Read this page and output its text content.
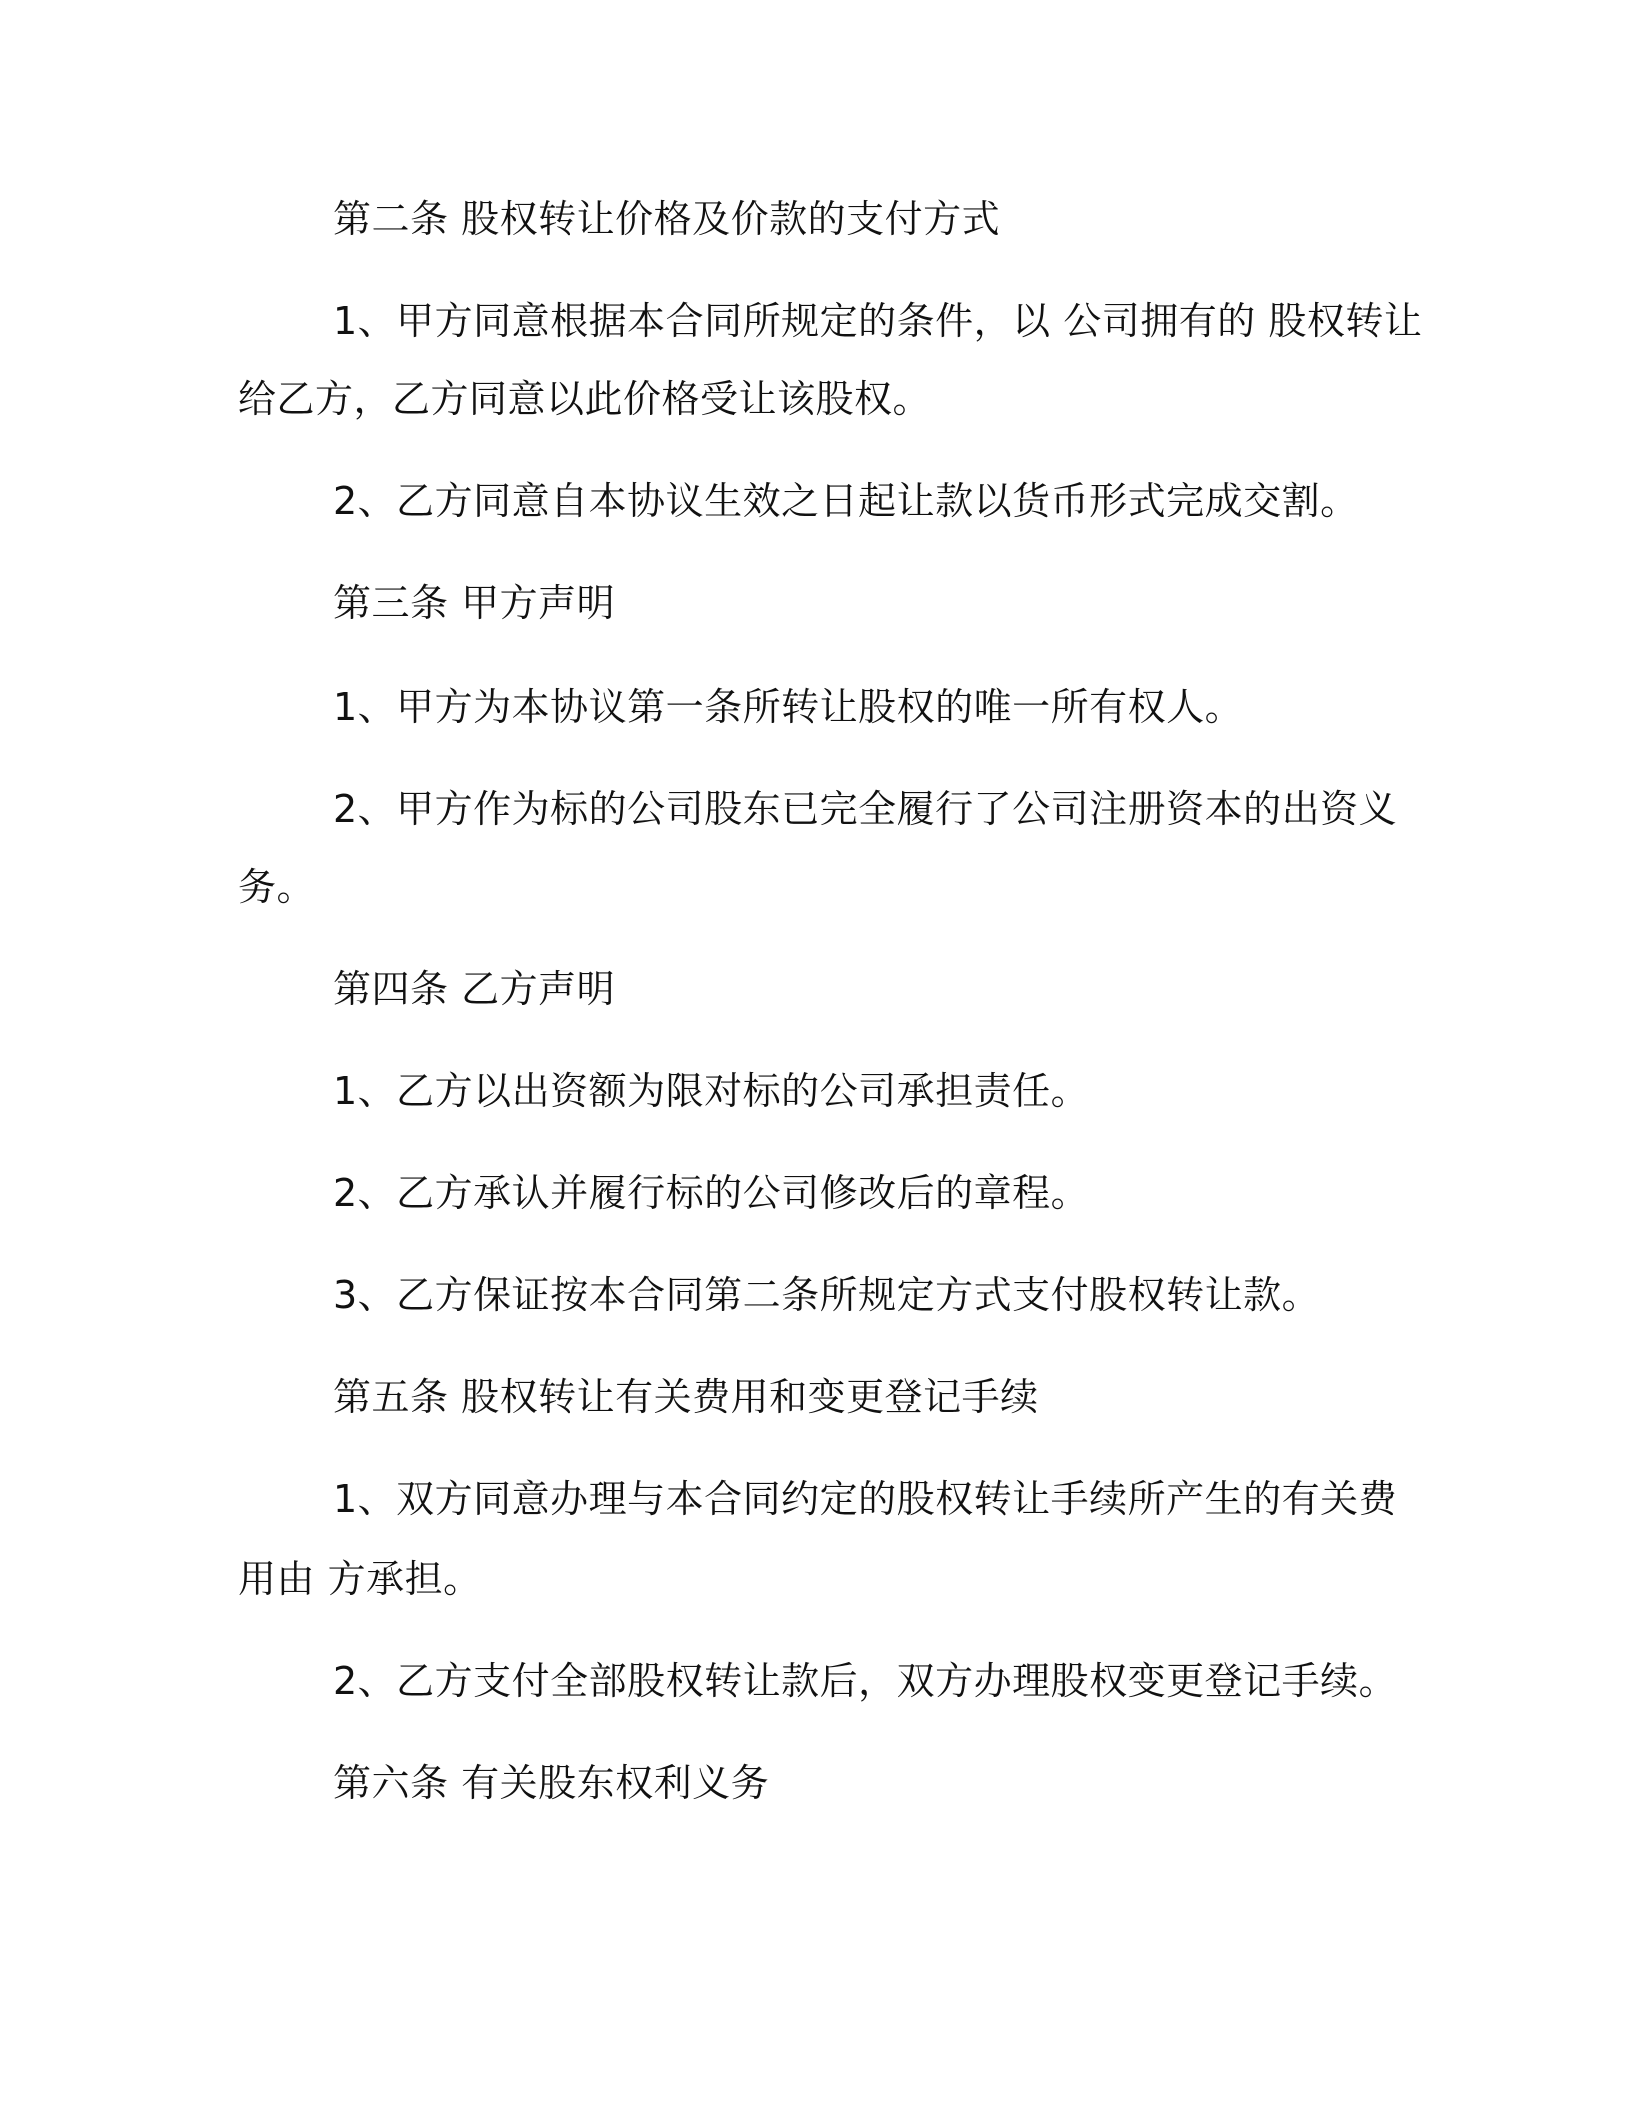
第二条 股权转让价格及价款的支付方式
1、甲方同意根据本合同所规定的条件，以 公司拥有的 股权转让
给乙方，乙方同意以此价格受让该股权。
2、乙方同意自本协议生效之日起让款以货币形式完成交割。
第三条 甲方声明
1、甲方为本协议第一条所转让股权的唯一所有权人。
2、甲方作为标的公司股东已完全履行了公司注册资本的出资义
务。
第四条 乙方声明
1、乙方以出资额为限对标的公司承担责任。
2、乙方承认并履行标的公司修改后的章程。
3、乙方保证按本合同第二条所规定方式支付股权转让款。
第五条 股权转让有关费用和变更登记手续
1、双方同意办理与本合同约定的股权转让手续所产生的有关费
用由 方承担。
2、乙方支付全部股权转让款后，双方办理股权变更登记手续。
第六条 有关股东权利义务
